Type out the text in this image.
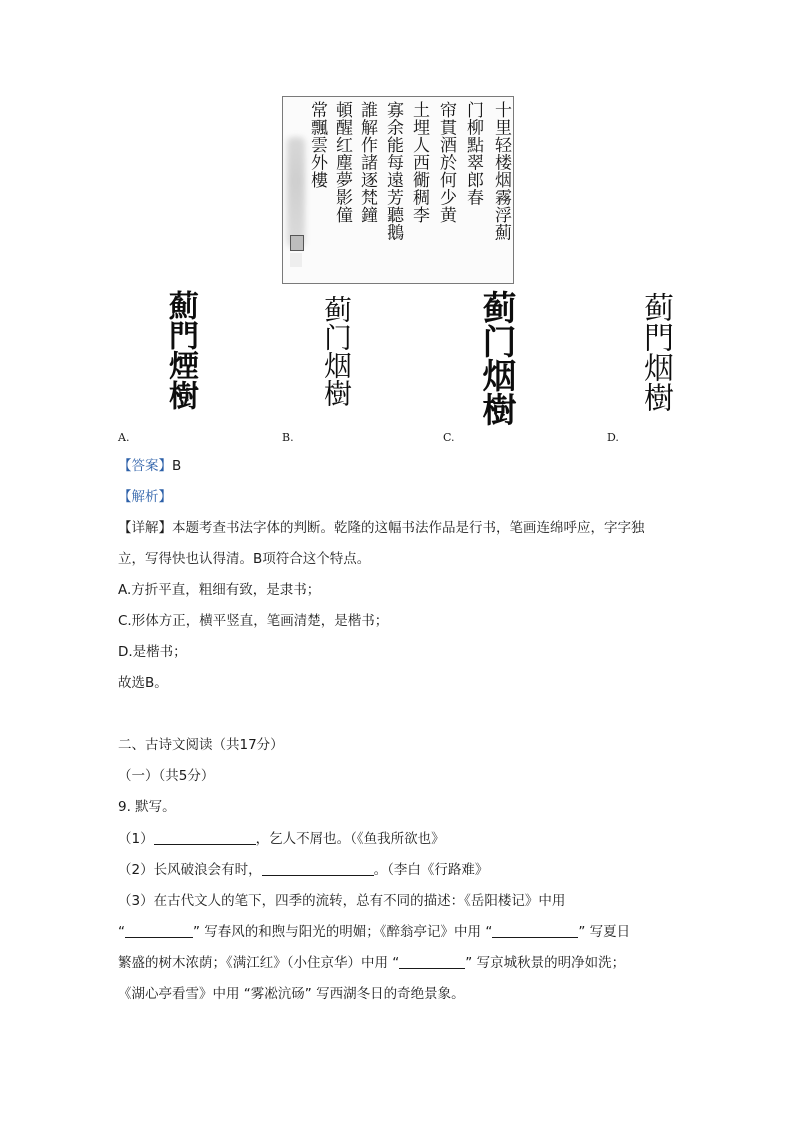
十里轻楼烟霧浮薊
门柳點翠郎春
帘貫酒於何少黄
土埋人西衚稠李
寡余能每遠芳聽鵝
誰解作諸逐梵鐘
頓醒红塵夢影僮
常飄雲外樓
薊門煙樹
A.
蓟门烟樹
B.
蓟门烟樹
C.
蓟門烟樹
D.
【答案】B
【解析】
【详解】本题考查书法字体的判断。乾隆的这幅书法作品是行书，笔画连绵呼应，字字独
立，写得快也认得清。B项符合这个特点。
A.方折平直，粗细有致，是隶书；
C.形体方正，横平竖直，笔画清楚，是楷书；
D.是楷书；
故选B。
二、古诗文阅读（共17分）
（一）（共5分）
9. 默写。
（1）	，乞人不屑也。（《鱼我所欲也》
（2）长风破浪会有时，	。（李白《行路难》
（3）在古代文人的笔下，四季的流转，总有不同的描述：《岳阳楼记》中用
“	” 写春风的和煦与阳光的明媚；《醉翁亭记》中用 “	” 写夏日
繁盛的树木浓荫；《满江红》（小住京华）中用 “	” 写京城秋景的明净如洗；
《湖心亭看雪》中用 “雾凇沆砀” 写西湖冬日的奇绝景象。
